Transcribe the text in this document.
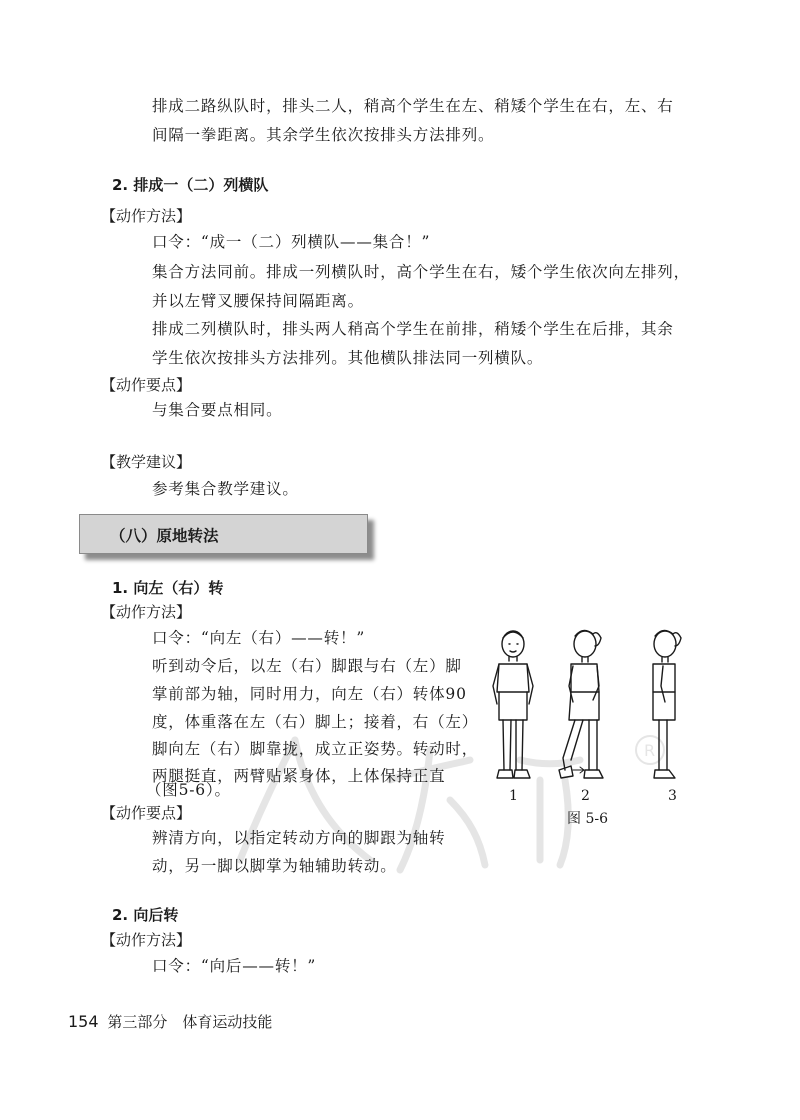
排成二路纵队时，排头二人，稍高个学生在左、稍矮个学生在右，左、右
间隔一拳距离。其余学生依次按排头方法排列。
2. 排成一（二）列横队
【动作方法】
口令：“成一（二）列横队——集合！”
集合方法同前。排成一列横队时，高个学生在右，矮个学生依次向左排列，
并以左臂叉腰保持间隔距离。
排成二列横队时，排头两人稍高个学生在前排，稍矮个学生在后排，其余
学生依次按排头方法排列。其他横队排法同一列横队。
【动作要点】
与集合要点相同。
【教学建议】
参考集合教学建议。
（八）原地转法
R
1. 向左（右）转
【动作方法】
口令：“向左（右）——转！”
听到动令后，以左（右）脚跟与右（左）脚
掌前部为轴，同时用力，向左（右）转体90
度，体重落在左（右）脚上；接着，右（左）
脚向左（右）脚靠拢，成立正姿势。转动时，
两腿挺直，两臂贴紧身体，上体保持正直
（图5-6）。
【动作要点】
辨清方向，以指定转动方向的脚跟为轴转
动，另一脚以脚掌为轴辅助转动。
1	2	3
图 5-6
2. 向后转
【动作方法】
口令：“向后——转！”
154 第三部分　体育运动技能
